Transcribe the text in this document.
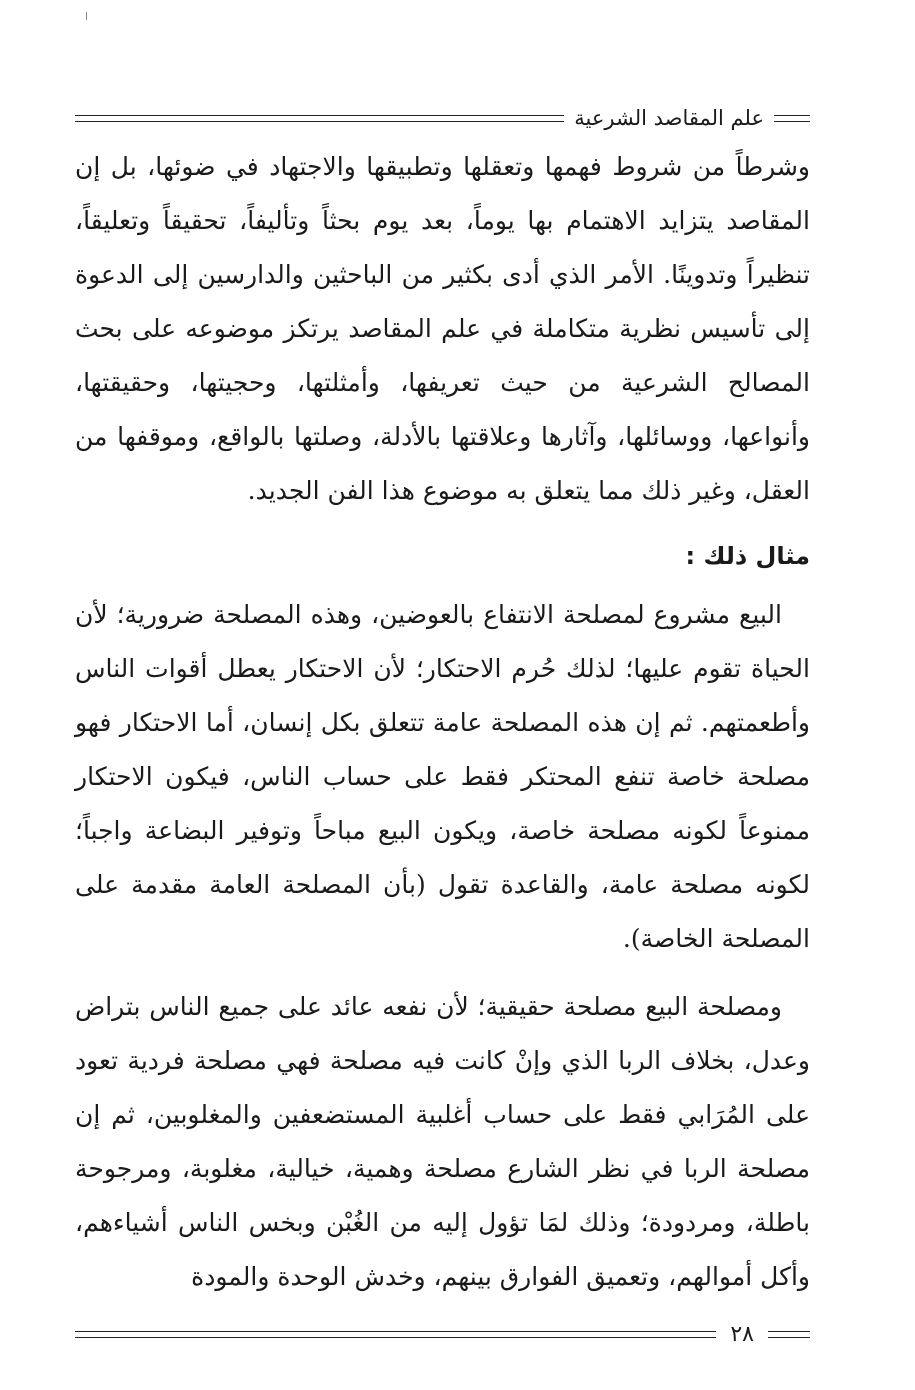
علم المقاصد الشرعية

وشرطاً من شروط فهمها وتعقلها وتطبيقها والاجتهاد في ضوئها، بل إن المقاصد يتزايد الاهتمام بها يوماً، بعد يوم بحثاً وتأليفاً، تحقيقاً وتعليقاً، تنظيراً وتدوينًا. الأمر الذي أدى بكثير من الباحثين والدارسين إلى الدعوة إلى تأسيس نظرية متكاملة في علم المقاصد يرتكز موضوعه على بحث المصالح الشرعية من حيث تعريفها، وأمثلتها، وحجيتها، وحقيقتها، وأنواعها، ووسائلها، وآثارها وعلاقتها بالأدلة، وصلتها بالواقع، وموقفها من العقل، وغير ذلك مما يتعلق به موضوع هذا الفن الجديد.

مثال ذلك :

البيع مشروع لمصلحة الانتفاع بالعوضين، وهذه المصلحة ضرورية؛ لأن الحياة تقوم عليها؛ لذلك حُرم الاحتكار؛ لأن الاحتكار يعطل أقوات الناس وأطعمتهم. ثم إن هذه المصلحة عامة تتعلق بكل إنسان، أما الاحتكار فهو مصلحة خاصة تنفع المحتكر فقط على حساب الناس، فيكون الاحتكار ممنوعاً لكونه مصلحة خاصة، ويكون البيع مباحاً وتوفير البضاعة واجباً؛ لكونه مصلحة عامة، والقاعدة تقول (بأن المصلحة العامة مقدمة على المصلحة الخاصة).

ومصلحة البيع مصلحة حقيقية؛ لأن نفعه عائد على جميع الناس بتراض وعدل، بخلاف الربا الذي وإنْ كانت فيه مصلحة فهي مصلحة فردية تعود على المُرَابي فقط على حساب أغلبية المستضعفين والمغلوبين، ثم إن مصلحة الربا في نظر الشارع مصلحة وهمية، خيالية، مغلوبة، ومرجوحة باطلة، ومردودة؛ وذلك لمَا تؤول إليه من الغُبْن وبخس الناس أشياءهم، وأكل أموالهم، وتعميق الفوارق بينهم، وخدش الوحدة والمودة

٢٨
